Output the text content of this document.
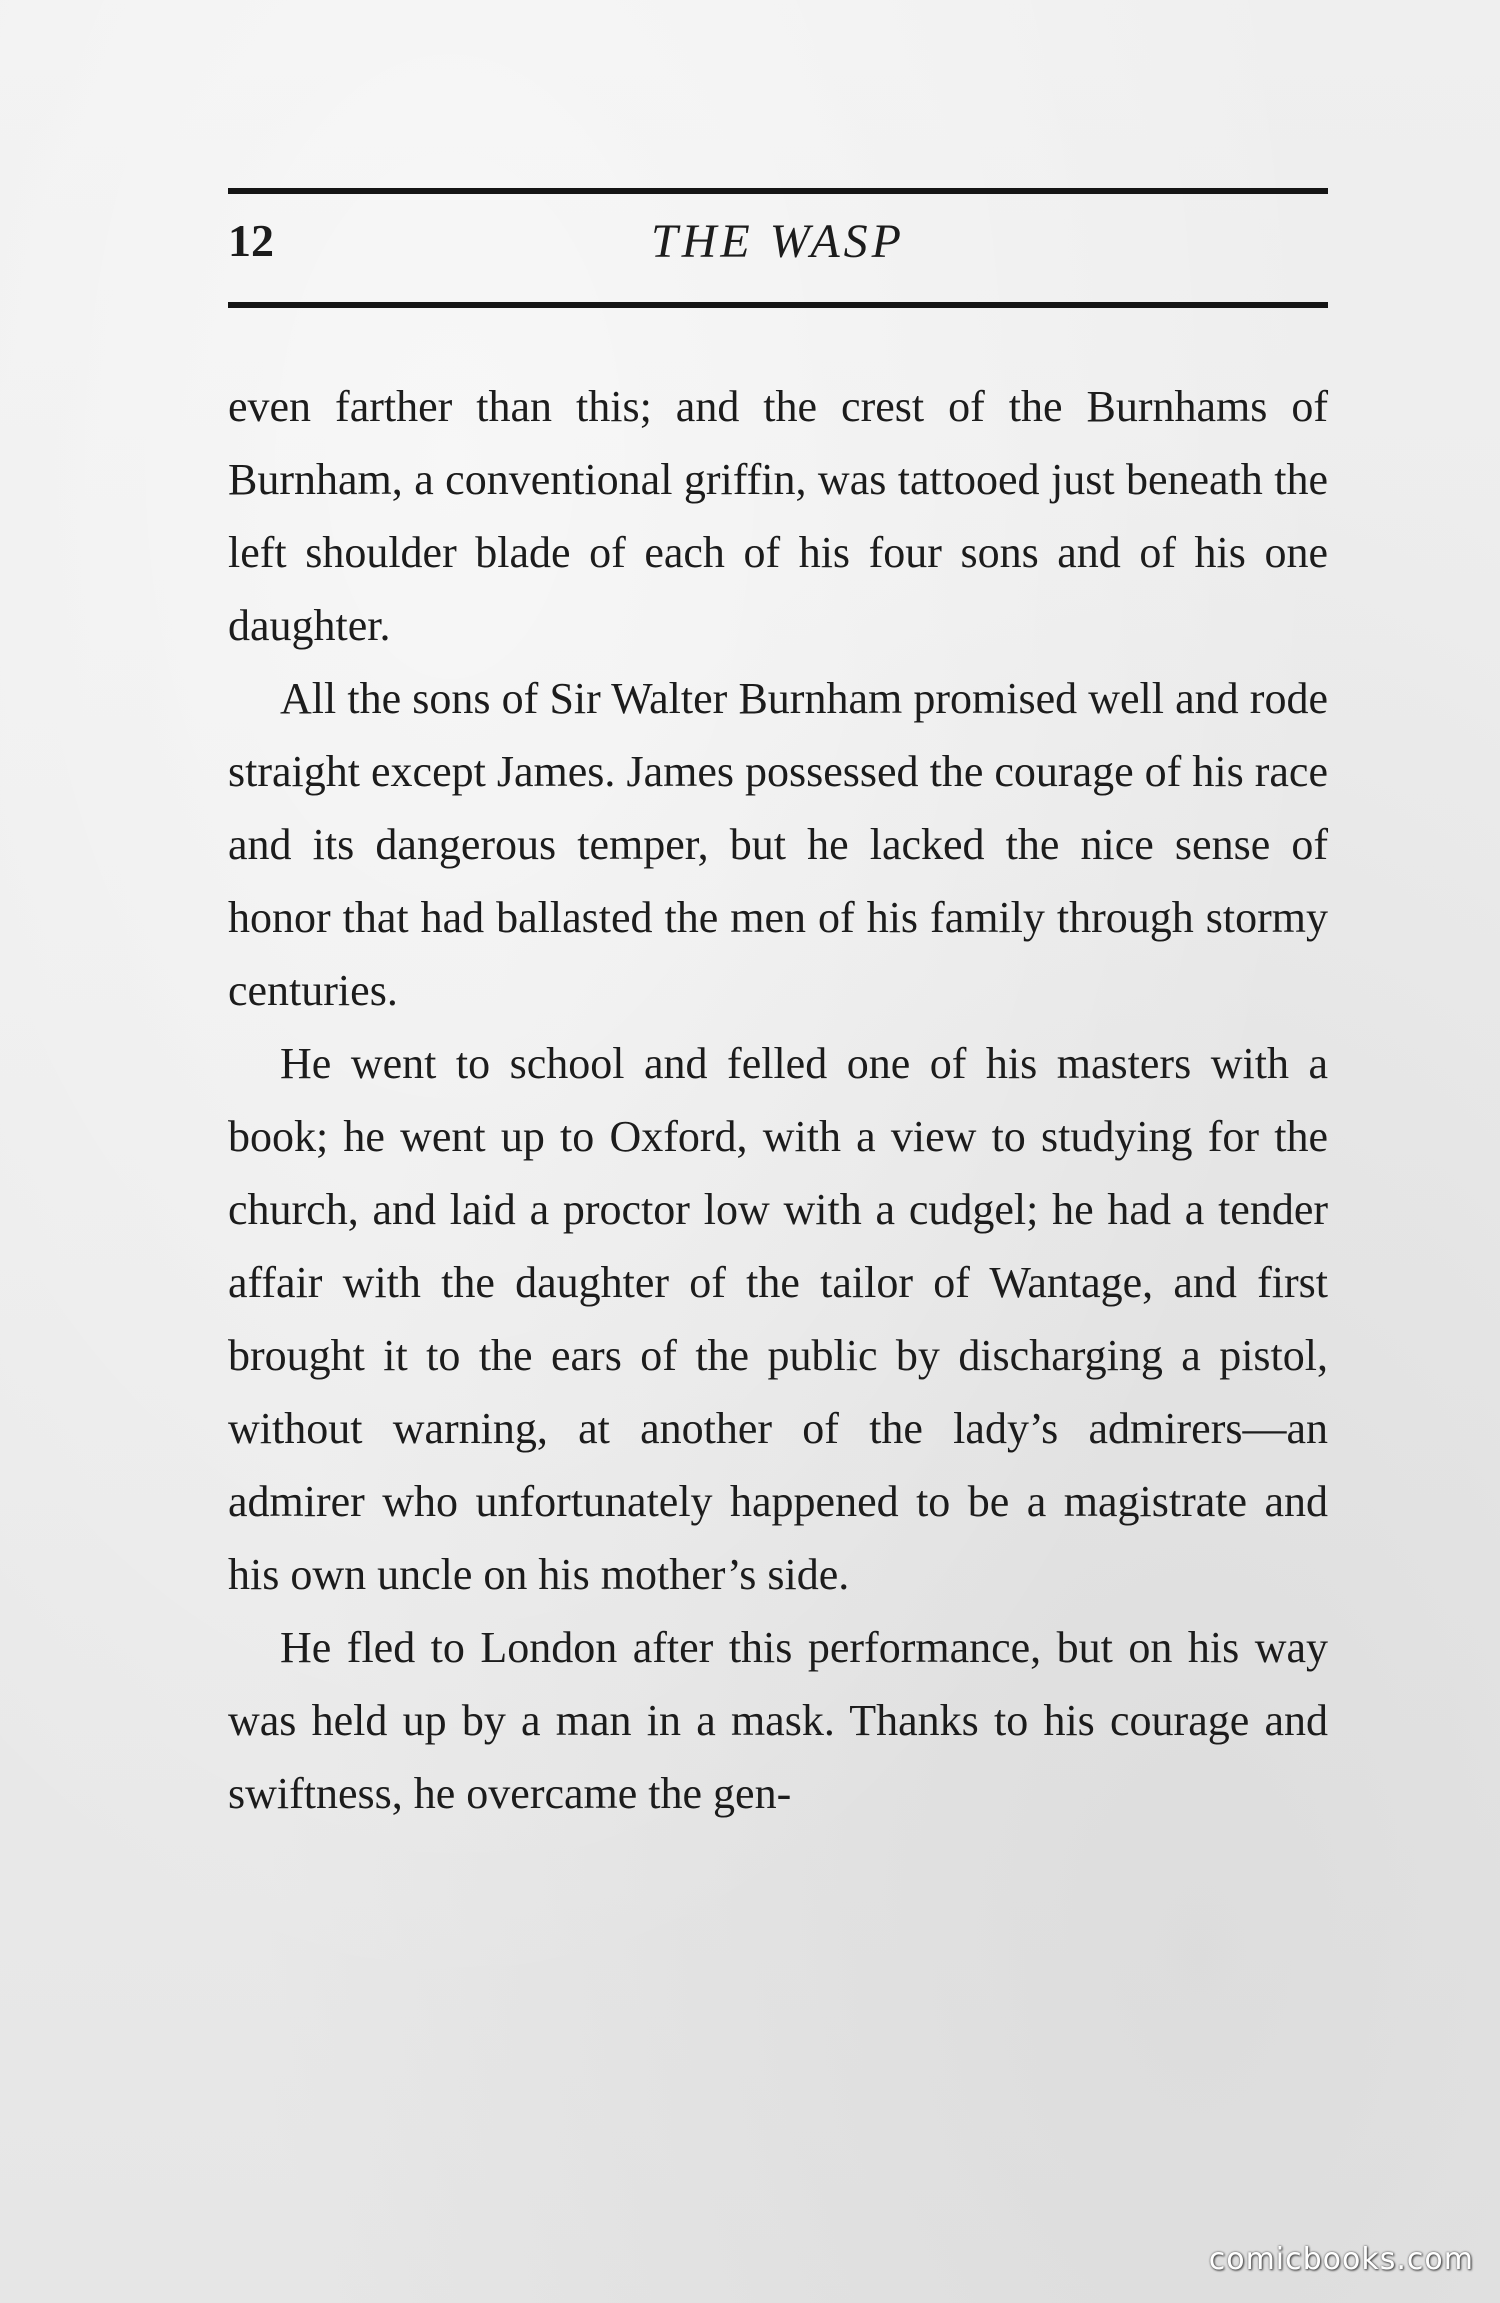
12	THE WASP

even farther than this; and the crest of the Burnhams of Burnham, a conventional griffin, was tattooed just beneath the left shoulder blade of each of his four sons and of his one daughter.

All the sons of Sir Walter Burnham promised well and rode straight except James. James possessed the courage of his race and its dangerous temper, but he lacked the nice sense of honor that had ballasted the men of his family through stormy centuries.

He went to school and felled one of his masters with a book; he went up to Oxford, with a view to studying for the church, and laid a proctor low with a cudgel; he had a tender affair with the daughter of the tailor of Wantage, and first brought it to the ears of the public by discharging a pistol, without warning, at another of the lady’s admirers—an admirer who unfortunately happened to be a magistrate and his own uncle on his mother’s side.

He fled to London after this performance, but on his way was held up by a man in a mask. Thanks to his courage and swiftness, he overcame the gen-

comicbooks.com
